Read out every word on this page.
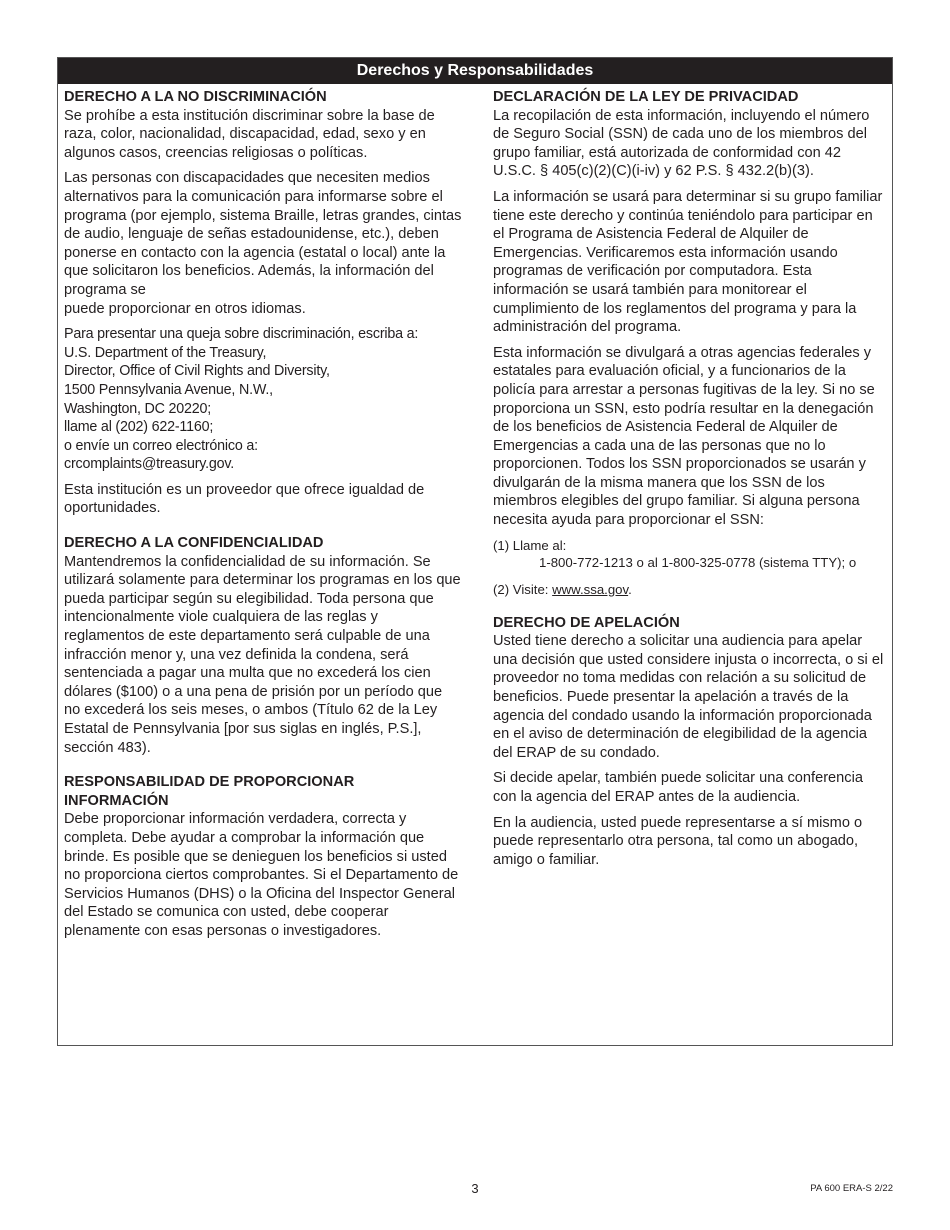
Derechos y Responsabilidades

DERECHO A LA NO DISCRIMINACIÓN

Se prohíbe a esta institución discriminar sobre la base de raza, color, nacionalidad, discapacidad, edad, sexo y en algunos casos, creencias religiosas o políticas.

Las personas con discapacidades que necesiten medios alternativos para la comunicación para informarse sobre el programa (por ejemplo, sistema Braille, letras grandes, cintas de audio, lenguaje de señas estadounidense, etc.), deben ponerse en contacto con la agencia (estatal o local) ante la que solicitaron los beneficios. Además, la información del programa se
puede proporcionar en otros idiomas.

Para presentar una queja sobre discriminación, escriba a:
U.S. Department of the Treasury,
Director, Office of Civil Rights and Diversity,
1500 Pennsylvania Avenue, N.W.,
Washington, DC 20220;
llame al (202) 622-1160;
o envíe un correo electrónico a:
crcomplaints@treasury.gov.

Esta institución es un proveedor que ofrece igualdad de oportunidades.

DERECHO A LA CONFIDENCIALIDAD

Mantendremos la confidencialidad de su información. Se utilizará solamente para determinar los programas en los que pueda participar según su elegibilidad. Toda persona que intencionalmente viole cualquiera de las reglas y reglamentos de este departamento será culpable de una infracción menor y, una vez definida la condena, será sentenciada a pagar una multa que no excederá los cien dólares ($100) o a una pena de prisión por un período que no excederá los seis meses, o ambos (Título 62 de la Ley Estatal de Pennsylvania [por sus siglas en inglés, P.S.], sección 483).

RESPONSABILIDAD DE PROPORCIONAR INFORMACIÓN

Debe proporcionar información verdadera, correcta y completa. Debe ayudar a comprobar la información que brinde. Es posible que se denieguen los beneficios si usted no proporciona ciertos comprobantes. Si el Departamento de Servicios Humanos (DHS) o la Oficina del Inspector General del Estado se comunica con usted, debe cooperar plenamente con esas personas o investigadores.

DECLARACIÓN DE LA LEY DE PRIVACIDAD

La recopilación de esta información, incluyendo el número de Seguro Social (SSN) de cada uno de los miembros del grupo familiar, está autorizada de conformidad con 42 U.S.C. § 405(c)(2)(C)(i-iv) y 62 P.S. § 432.2(b)(3).

La información se usará para determinar si su grupo familiar tiene este derecho y continúa teniéndolo para participar en el Programa de Asistencia Federal de Alquiler de Emergencias. Verificaremos esta información usando programas de verificación por computadora. Esta información se usará también para monitorear el cumplimiento de los reglamentos del programa y para la administración del programa.

Esta información se divulgará a otras agencias federales y estatales para evaluación oficial, y a funcionarios de la policía para arrestar a personas fugitivas de la ley. Si no se proporciona un SSN, esto podría resultar en la denegación de los beneficios de Asistencia Federal de Alquiler de Emergencias a cada una de las personas que no lo proporcionen. Todos los SSN proporcionados se usarán y divulgarán de la misma manera que los SSN de los miembros elegibles del grupo familiar. Si alguna persona necesita ayuda para proporcionar el SSN:

(1) Llame al:
1-800-772-1213 o al 1-800-325-0778 (sistema TTY); o

(2) Visite: www.ssa.gov.

DERECHO DE APELACIÓN

Usted tiene derecho a solicitar una audiencia para apelar una decisión que usted considere injusta o incorrecta, o si el proveedor no toma medidas con relación a su solicitud de beneficios. Puede presentar la apelación a través de la agencia del condado usando la información proporcionada en el aviso de determinación de elegibilidad de la agencia del ERAP de su condado.

Si decide apelar, también puede solicitar una conferencia con la agencia del ERAP antes de la audiencia.

En la audiencia, usted puede representarse a sí mismo o puede representarlo otra persona, tal como un abogado, amigo o familiar.

3	PA 600 ERA-S 2/22
